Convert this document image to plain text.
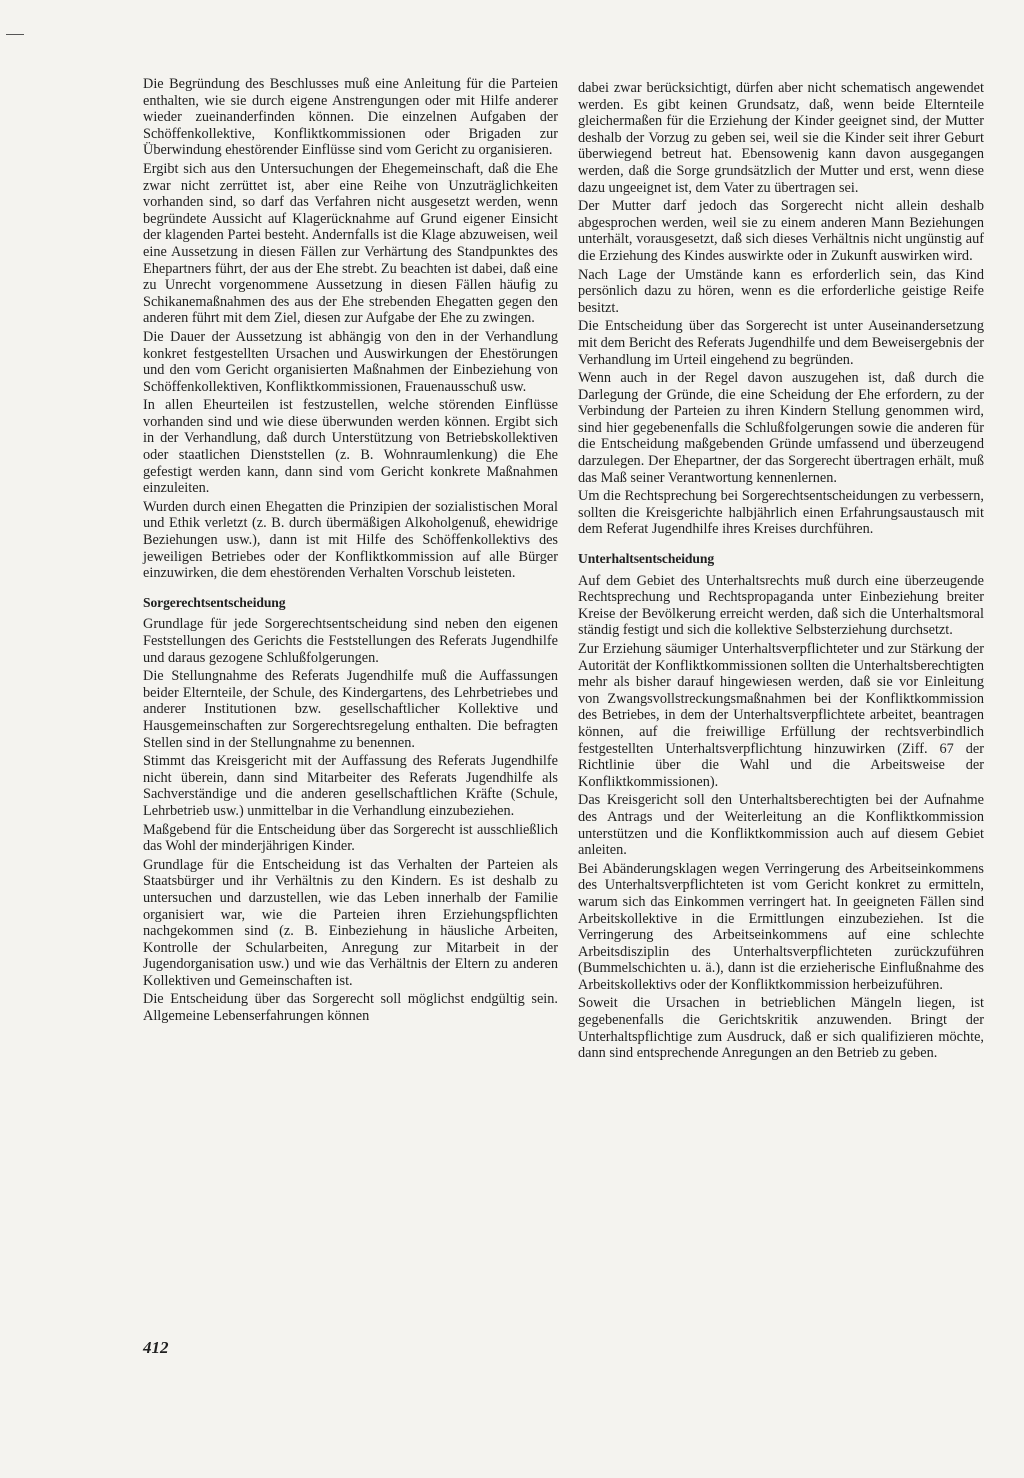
Die Begründung des Beschlusses muß eine Anleitung für die Parteien enthalten, wie sie durch eigene Anstrengungen oder mit Hilfe anderer wieder zueinanderfinden können. Die einzelnen Aufgaben der Schöffenkollektive, Konfliktkommissionen oder Brigaden zur Überwindung ehestörender Einflüsse sind vom Gericht zu organisieren.

Ergibt sich aus den Untersuchungen der Ehegemeinschaft, daß die Ehe zwar nicht zerrüttet ist, aber eine Reihe von Unzuträglichkeiten vorhanden sind, so darf das Verfahren nicht ausgesetzt werden, wenn begründete Aussicht auf Klagerücknahme auf Grund eigener Einsicht der klagenden Partei besteht. Andernfalls ist die Klage abzuweisen, weil eine Aussetzung in diesen Fällen zur Verhärtung des Standpunktes des Ehepartners führt, der aus der Ehe strebt. Zu beachten ist dabei, daß eine zu Unrecht vorgenommene Aussetzung in diesen Fällen häufig zu Schikanemaßnahmen des aus der Ehe strebenden Ehegatten gegen den anderen führt mit dem Ziel, diesen zur Aufgabe der Ehe zu zwingen.

Die Dauer der Aussetzung ist abhängig von den in der Verhandlung konkret festgestellten Ursachen und Auswirkungen der Ehestörungen und den vom Gericht organisierten Maßnahmen der Einbeziehung von Schöffenkollektiven, Konfliktkommissionen, Frauenausschuß usw.

In allen Eheurteilen ist festzustellen, welche störenden Einflüsse vorhanden sind und wie diese überwunden werden können. Ergibt sich in der Verhandlung, daß durch Unterstützung von Betriebskollektiven oder staatlichen Dienststellen (z. B. Wohnraumlenkung) die Ehe gefestigt werden kann, dann sind vom Gericht konkrete Maßnahmen einzuleiten.

Wurden durch einen Ehegatten die Prinzipien der sozialistischen Moral und Ethik verletzt (z. B. durch übermäßigen Alkoholgenuß, ehewidrige Beziehungen usw.), dann ist mit Hilfe des Schöffenkollektivs des jeweiligen Betriebes oder der Konfliktkommission auf alle Bürger einzuwirken, die dem ehestörenden Verhalten Vorschub leisteten.

Sorgerechtsentscheidung

Grundlage für jede Sorgerechtsentscheidung sind neben den eigenen Feststellungen des Gerichts die Feststellungen des Referats Jugendhilfe und daraus gezogene Schlußfolgerungen.

Die Stellungnahme des Referats Jugendhilfe muß die Auffassungen beider Elternteile, der Schule, des Kindergartens, des Lehrbetriebes und anderer Institutionen bzw. gesellschaftlicher Kollektive und Hausgemeinschaften zur Sorgerechtsregelung enthalten. Die befragten Stellen sind in der Stellungnahme zu benennen.

Stimmt das Kreisgericht mit der Auffassung des Referats Jugendhilfe nicht überein, dann sind Mitarbeiter des Referats Jugendhilfe als Sachverständige und die anderen gesellschaftlichen Kräfte (Schule, Lehrbetrieb usw.) unmittelbar in die Verhandlung einzubeziehen.

Maßgebend für die Entscheidung über das Sorgerecht ist ausschließlich das Wohl der minderjährigen Kinder.

Grundlage für die Entscheidung ist das Verhalten der Parteien als Staatsbürger und ihr Verhältnis zu den Kindern. Es ist deshalb zu untersuchen und darzustellen, wie das Leben innerhalb der Familie organisiert war, wie die Parteien ihren Erziehungspflichten nachgekommen sind (z. B. Einbeziehung in häusliche Arbeiten, Kontrolle der Schularbeiten, Anregung zur Mitarbeit in der Jugendorganisation usw.) und wie das Verhältnis der Eltern zu anderen Kollektiven und Gemeinschaften ist.

Die Entscheidung über das Sorgerecht soll möglichst endgültig sein. Allgemeine Lebenserfahrungen können

dabei zwar berücksichtigt, dürfen aber nicht schematisch angewendet werden. Es gibt keinen Grundsatz, daß, wenn beide Elternteile gleichermaßen für die Erziehung der Kinder geeignet sind, der Mutter deshalb der Vorzug zu geben sei, weil sie die Kinder seit ihrer Geburt überwiegend betreut hat. Ebensowenig kann davon ausgegangen werden, daß die Sorge grundsätzlich der Mutter und erst, wenn diese dazu ungeeignet ist, dem Vater zu übertragen sei.

Der Mutter darf jedoch das Sorgerecht nicht allein deshalb abgesprochen werden, weil sie zu einem anderen Mann Beziehungen unterhält, vorausgesetzt, daß sich dieses Verhältnis nicht ungünstig auf die Erziehung des Kindes auswirkte oder in Zukunft auswirken wird.

Nach Lage der Umstände kann es erforderlich sein, das Kind persönlich dazu zu hören, wenn es die erforderliche geistige Reife besitzt.

Die Entscheidung über das Sorgerecht ist unter Auseinandersetzung mit dem Bericht des Referats Jugendhilfe und dem Beweisergebnis der Verhandlung im Urteil eingehend zu begründen.

Wenn auch in der Regel davon auszugehen ist, daß durch die Darlegung der Gründe, die eine Scheidung der Ehe erfordern, zu der Verbindung der Parteien zu ihren Kindern Stellung genommen wird, sind hier gegebenenfalls die Schlußfolgerungen sowie die anderen für die Entscheidung maßgebenden Gründe umfassend und überzeugend darzulegen. Der Ehepartner, der das Sorgerecht übertragen erhält, muß das Maß seiner Verantwortung kennenlernen.

Um die Rechtsprechung bei Sorgerechtsentscheidungen zu verbessern, sollten die Kreisgerichte halbjährlich einen Erfahrungsaustausch mit dem Referat Jugendhilfe ihres Kreises durchführen.

Unterhaltsentscheidung

Auf dem Gebiet des Unterhaltsrechts muß durch eine überzeugende Rechtsprechung und Rechtspropaganda unter Einbeziehung breiter Kreise der Bevölkerung erreicht werden, daß sich die Unterhaltsmoral ständig festigt und sich die kollektive Selbsterziehung durchsetzt.

Zur Erziehung säumiger Unterhaltsverpflichteter und zur Stärkung der Autorität der Konfliktkommissionen sollten die Unterhaltsberechtigten mehr als bisher darauf hingewiesen werden, daß sie vor Einleitung von Zwangsvollstreckungsmaßnahmen bei der Konfliktkommission des Betriebes, in dem der Unterhaltsverpflichtete arbeitet, beantragen können, auf die freiwillige Erfüllung der rechtsverbindlich festgestellten Unterhaltsverpflichtung hinzuwirken (Ziff. 67 der Richtlinie über die Wahl und die Arbeitsweise der Konfliktkommissionen).

Das Kreisgericht soll den Unterhaltsberechtigten bei der Aufnahme des Antrags und der Weiterleitung an die Konfliktkommission unterstützen und die Konfliktkommission auch auf diesem Gebiet anleiten.

Bei Abänderungsklagen wegen Verringerung des Arbeitseinkommens des Unterhaltsverpflichteten ist vom Gericht konkret zu ermitteln, warum sich das Einkommen verringert hat. In geeigneten Fällen sind Arbeitskollektive in die Ermittlungen einzubeziehen. Ist die Verringerung des Arbeitseinkommens auf eine schlechte Arbeitsdisziplin des Unterhaltsverpflichteten zurückzuführen (Bummelschichten u. ä.), dann ist die erzieherische Einflußnahme des Arbeitskollektivs oder der Konfliktkommission herbeizuführen.

Soweit die Ursachen in betrieblichen Mängeln liegen, ist gegebenenfalls die Gerichtskritik anzuwenden. Bringt der Unterhaltspflichtige zum Ausdruck, daß er sich qualifizieren möchte, dann sind entsprechende Anregungen an den Betrieb zu geben.

412
